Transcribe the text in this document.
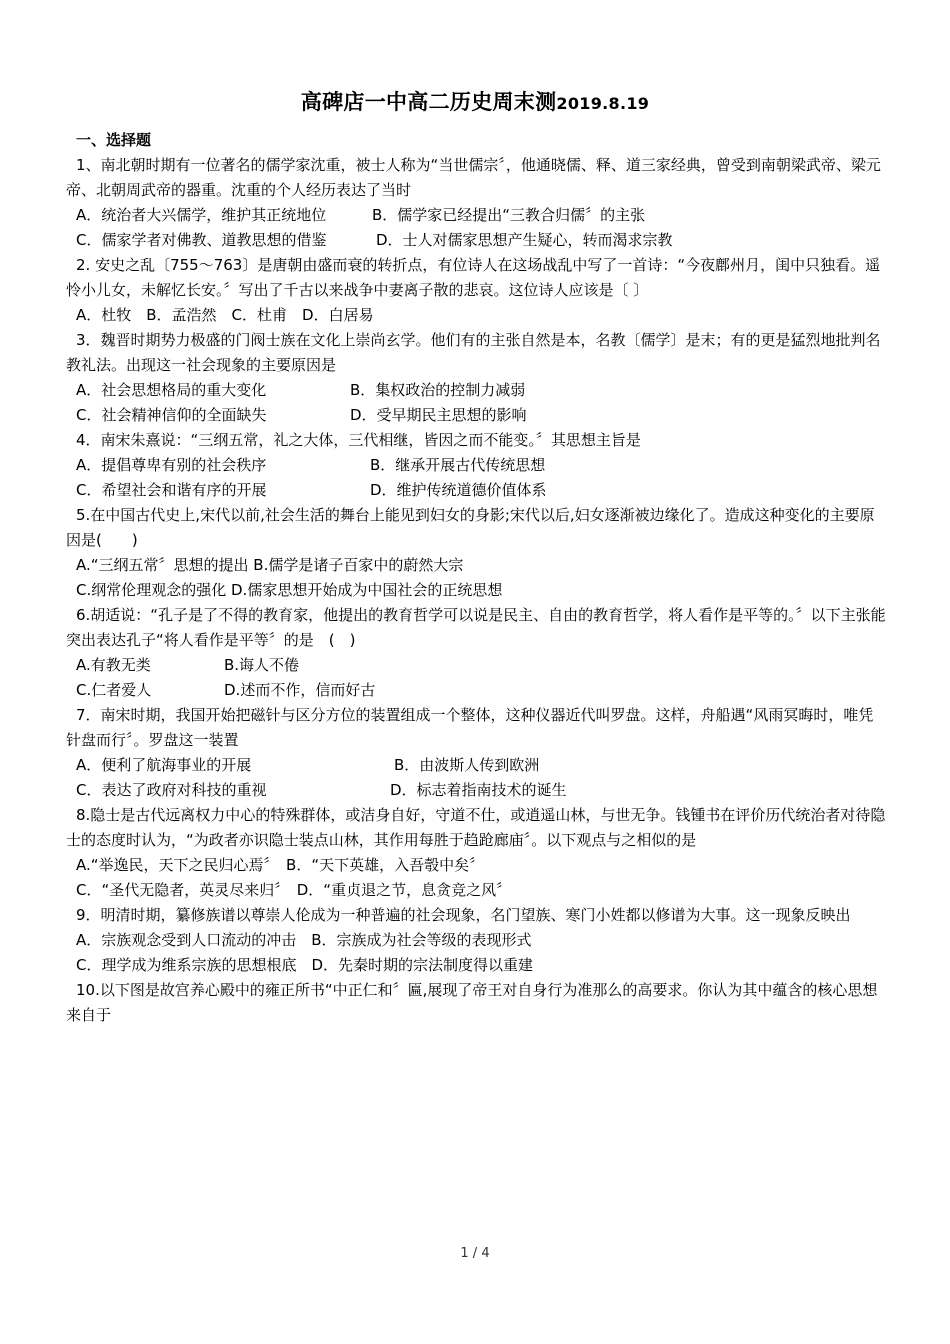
高碑店一中高二历史周末测2019.8.19
一、选择题
1、南北朝时期有一位著名的儒学家沈重，被士人称为“当世儒宗〞，他通晓儒、释、道三家经典，曾受到南朝梁武帝、梁元帝、北朝周武帝的器重。沈重的个人经历表达了当时
A．统治者大兴儒学，维护其正统地位	B．儒学家已经提出“三教合归儒〞的主张
C．儒家学者对佛教、道教思想的借鉴	D．士人对儒家思想产生疑心，转而渴求宗教
2. 安史之乱〔755～763〕是唐朝由盛而衰的转折点，有位诗人在这场战乱中写了一首诗：“今夜鄜州月，闺中只独看。遥怜小儿女，未解忆长安。〞写出了千古以来战争中妻离子散的悲哀。这位诗人应该是〔 〕
A．杜牧　B．孟浩然　C．杜甫　D．白居易
3．魏晋时期势力极盛的门阀士族在文化上崇尚玄学。他们有的主张自然是本，名教〔儒学〕是末；有的更是猛烈地批判名教礼法。出现这一社会现象的主要原因是
A．社会思想格局的重大变化	B．集权政治的控制力减弱
C．社会精神信仰的全面缺失	D．受早期民主思想的影响
4．南宋朱熹说：“三纲五常，礼之大体，三代相继，皆因之而不能变。〞其思想主旨是
A．提倡尊卑有别的社会秩序	B．继承开展古代传统思想
C．希望社会和谐有序的开展	D．维护传统道德价值体系
5.在中国古代史上,宋代以前,社会生活的舞台上能见到妇女的身影;宋代以后,妇女逐渐被边缘化了。造成这种变化的主要原因是(　　)
A.“三纲五常〞思想的提出 B.儒学是诸子百家中的蔚然大宗
C.纲常伦理观念的强化 D.儒家思想开始成为中国社会的正统思想
6.胡适说：“孔子是了不得的教育家，他提出的教育哲学可以说是民主、自由的教育哲学，将人看作是平等的。〞以下主张能突出表达孔子“将人看作是平等〞的是　(　)
A.有教无类	B.诲人不倦
C.仁者爱人	D.述而不作，信而好古
7．南宋时期，我国开始把磁针与区分方位的装置组成一个整体，这种仪器近代叫罗盘。这样，舟船遇“风雨冥晦时，唯凭针盘而行〞。罗盘这一装置
A．便利了航海事业的开展	B．由波斯人传到欧洲
C．表达了政府对科技的重视	D．标志着指南技术的诞生
8.隐士是古代远离权力中心的特殊群体，或洁身自好，守道不仕，或逍遥山林，与世无争。钱锺书在评价历代统治者对待隐士的态度时认为，“为政者亦识隐士装点山林，其作用每胜于趋跄廊庙〞。以下观点与之相似的是
A.“举逸民，天下之民归心焉〞　B．“天下英雄，入吾彀中矣〞
C．“圣代无隐者，英灵尽来归〞　D．“重贞退之节，息贪竞之风〞
9．明清时期，纂修族谱以尊崇人伦成为一种普遍的社会现象，名门望族、寒门小姓都以修谱为大事。这一现象反映出
A．宗族观念受到人口流动的冲击　B．宗族成为社会等级的表现形式
C．理学成为维系宗族的思想根底　D．先秦时期的宗法制度得以重建
10.以下图是故宫养心殿中的雍正所书“中正仁和〞匾,展现了帝王对自身行为准那么的高要求。你认为其中蕴含的核心思想来自于
1 / 4
